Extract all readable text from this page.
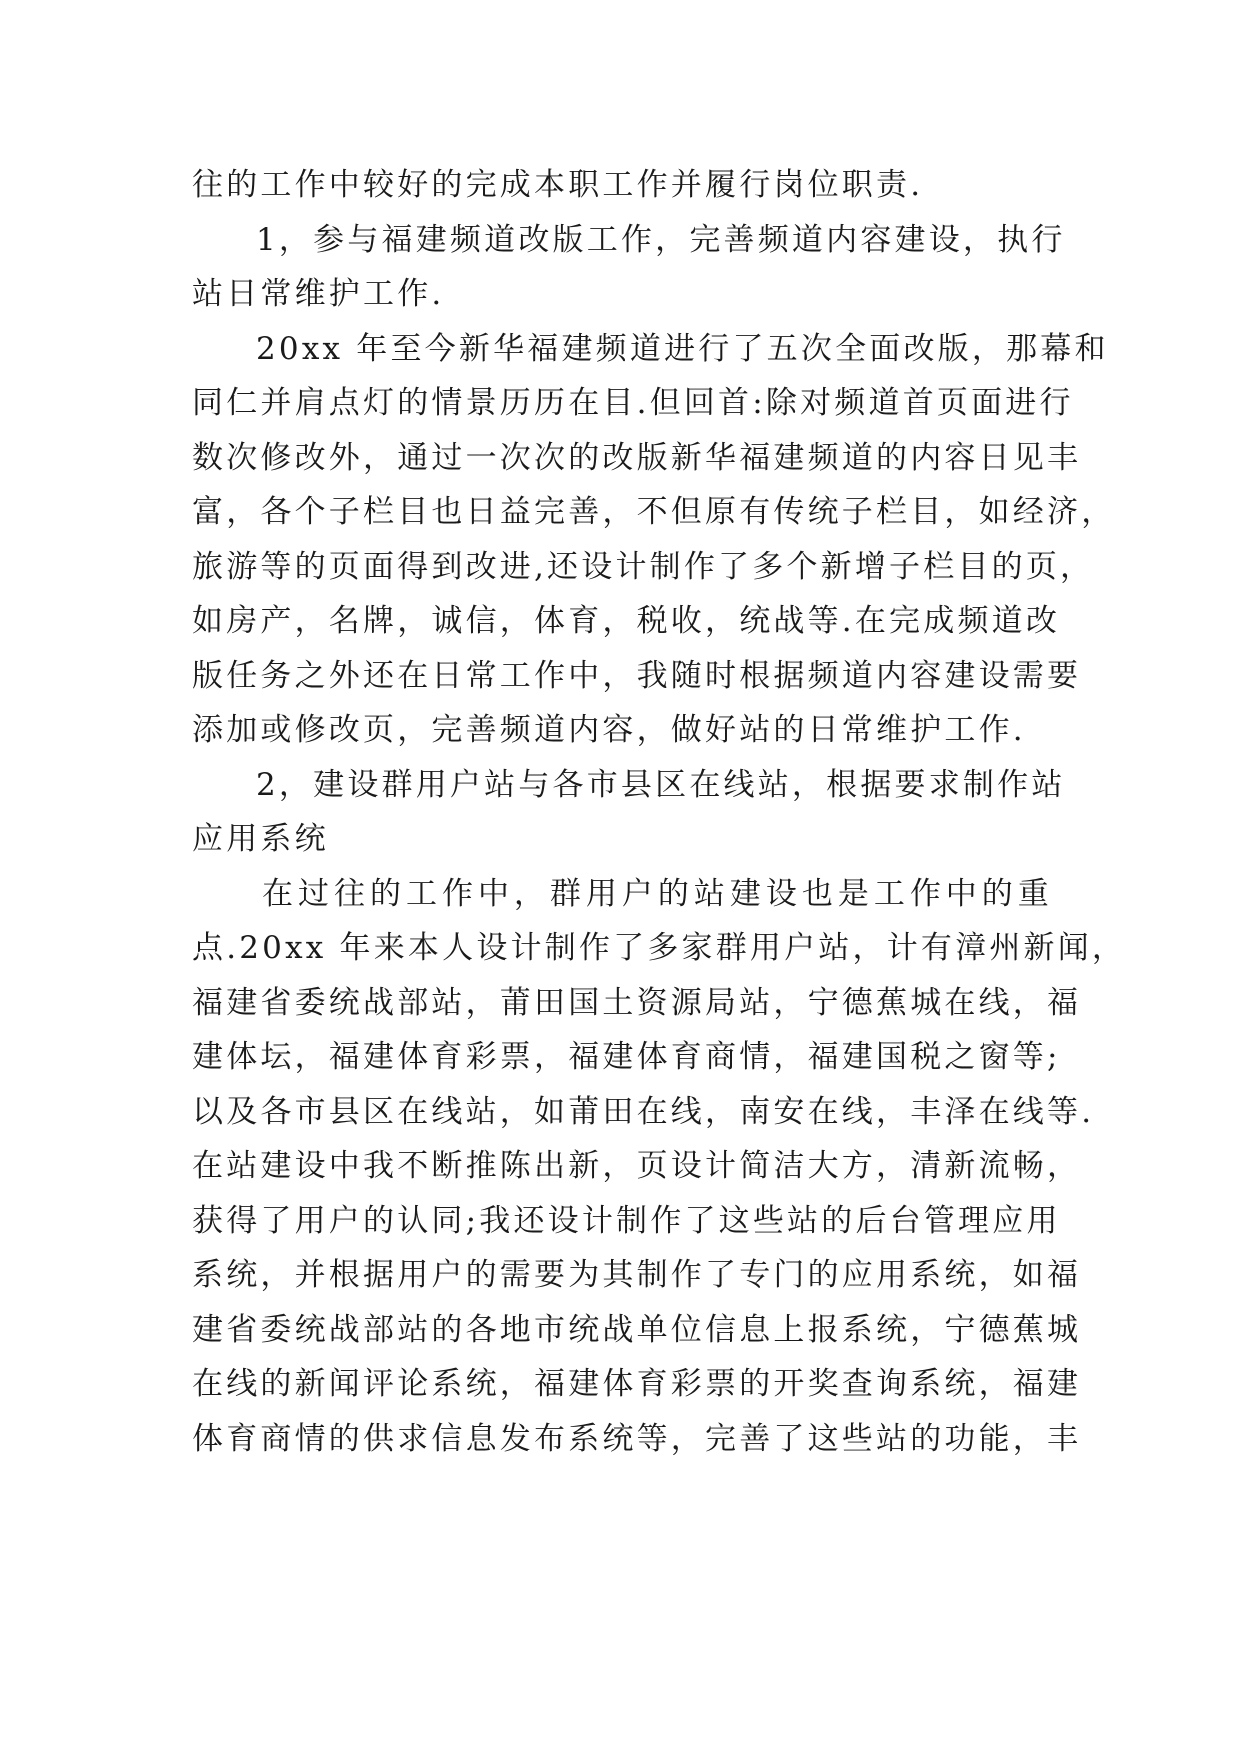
往的工作中较好的完成本职工作并履行岗位职责.
1，参与福建频道改版工作，完善频道内容建设，执行
站日常维护工作.
20xx 年至今新华福建频道进行了五次全面改版，那幕和
同仁并肩点灯的情景历历在目.但回首:除对频道首页面进行
数次修改外，通过一次次的改版新华福建频道的内容日见丰
富，各个子栏目也日益完善，不但原有传统子栏目，如经济，
旅游等的页面得到改进,还设计制作了多个新增子栏目的页，
如房产，名牌，诚信，体育，税收，统战等.在完成频道改
版任务之外还在日常工作中，我随时根据频道内容建设需要
添加或修改页，完善频道内容，做好站的日常维护工作.
2，建设群用户站与各市县区在线站，根据要求制作站
应用系统
在过往的工作中，群用户的站建设也是工作中的重
点.20xx 年来本人设计制作了多家群用户站，计有漳州新闻，
福建省委统战部站，莆田国土资源局站，宁德蕉城在线，福
建体坛，福建体育彩票，福建体育商情，福建国税之窗等;
以及各市县区在线站，如莆田在线，南安在线，丰泽在线等.
在站建设中我不断推陈出新，页设计简洁大方，清新流畅，
获得了用户的认同;我还设计制作了这些站的后台管理应用
系统，并根据用户的需要为其制作了专门的应用系统，如福
建省委统战部站的各地市统战单位信息上报系统，宁德蕉城
在线的新闻评论系统，福建体育彩票的开奖查询系统，福建
体育商情的供求信息发布系统等，完善了这些站的功能，丰
